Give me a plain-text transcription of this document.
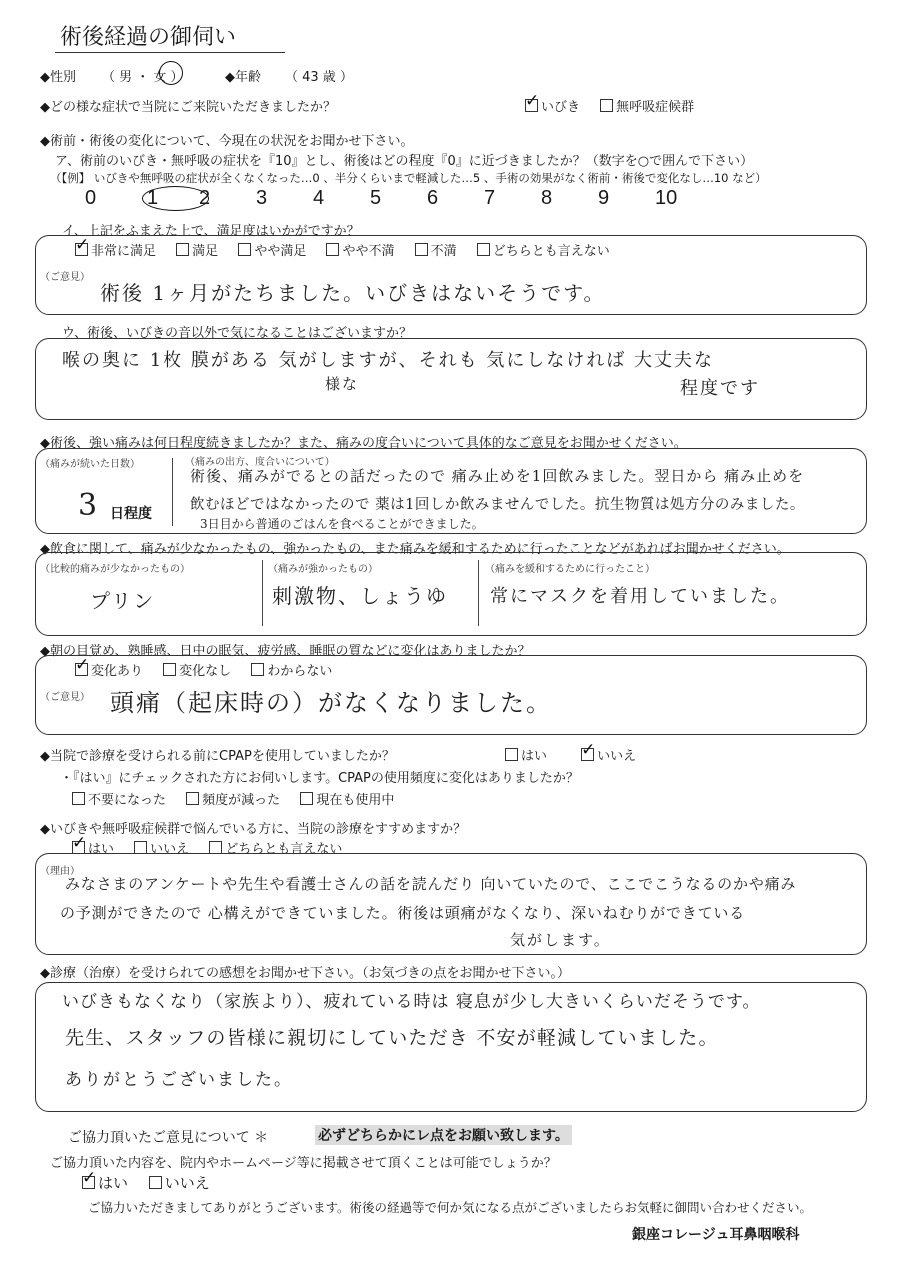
術後経過の御伺い
◆性別 （ 男 ・ 女 ）	◆年齢 （ 43 歳 ）
◆どの様な症状で当院にご来院いただきましたか？ ✓	いびき	無呼吸症候群
◆術前・術後の変化について、今現在の状況をお聞かせ下さい。
ア、術前のいびき・無呼吸の症状を『10』とし、術後はどの程度『0』に近づきましたか？（数字を○で囲んで下さい）
（【例】 いびきや無呼吸の症状が全くなくなった…0 、半分くらいまで軽減した…5 、手術の効果がなく術前・術後で変化なし…10 など）
0	1 2 3 4 5 6 7 8 9 10
イ、上記をふまえた上で、満足度はいかがですか？
✓非常に満足	満足	やや満足	やや不満	不満	どちらとも言えない
（ご意見）
術後 1ヶ月がたちました。いびきはないそうです。
ウ、術後、いびきの音以外で気になることはございますか？
喉の奥に 1枚 膜がある 気がしますが、それも 気にしなければ 大丈夫な
様な	程度です
◆術後、強い痛みは何日程度続きましたか？また、痛みの度合いについて具体的なご意見をお聞かせください。
（痛みが続いた日数）
3 日程度
（痛みの出方、度合いについて）
術後、痛みがでるとの話だったので 痛み止めを1回飲みました。翌日から 痛み止めを
飲むほどではなかったので 薬は1回しか飲みませんでした。抗生物質は処方分のみました。
3日目から普通のごはんを食べることができました。
◆飲食に関して、痛みが少なかったもの、強かったもの、また痛みを緩和するために行ったことなどがあればお聞かせください。
（比較的痛みが少なかったもの）
プリン
（痛みが強かったもの）
刺激物、しょうゆ
（痛みを緩和するために行ったこと）
常にマスクを着用していました。
◆朝の目覚め、熟睡感、日中の眠気、疲労感、睡眠の質などに変化はありましたか？
✓変化あり	変化なし	わからない
（ご意見） 頭痛（起床時の）がなくなりました。
◆当院で診療を受けられる前にCPAPを使用していましたか？	はい ✓	いいえ
・『はい』にチェックされた方にお伺いします。CPAPの使用頻度に変化はありましたか？
不要になった	頻度が減った	現在も使用中
◆いびきや無呼吸症候群で悩んでいる方に、当院の診療をすすめますか？
✓はい	いいえ	どちらとも言えない
（理由）
みなさまのアンケートや先生や看護士さんの話を読んだり 向いていたので、ここでこうなるのかや痛み
の予測ができたので 心構えができていました。術後は頭痛がなくなり、深いねむりができている
気がします。
◆診療（治療）を受けられての感想をお聞かせ下さい。（お気づきの点をお聞かせ下さい。）
いびきもなくなり（家族より）、疲れている時は 寝息が少し大きいくらいだそうです。
先生、スタッフの皆様に親切にしていただき 不安が軽減していました。
ありがとうございました。
ご協力頂いたご意見について ＊	必ずどちらかにレ点をお願い致します。
ご協力頂いた内容を、院内やホームページ等に掲載させて頂くことは可能でしょうか？
✓はい いいえ
ご協力いただきましてありがとうございます。術後の経過等で何か気になる点がございましたらお気軽に御問い合わせください。
銀座コレージュ耳鼻咽喉科
